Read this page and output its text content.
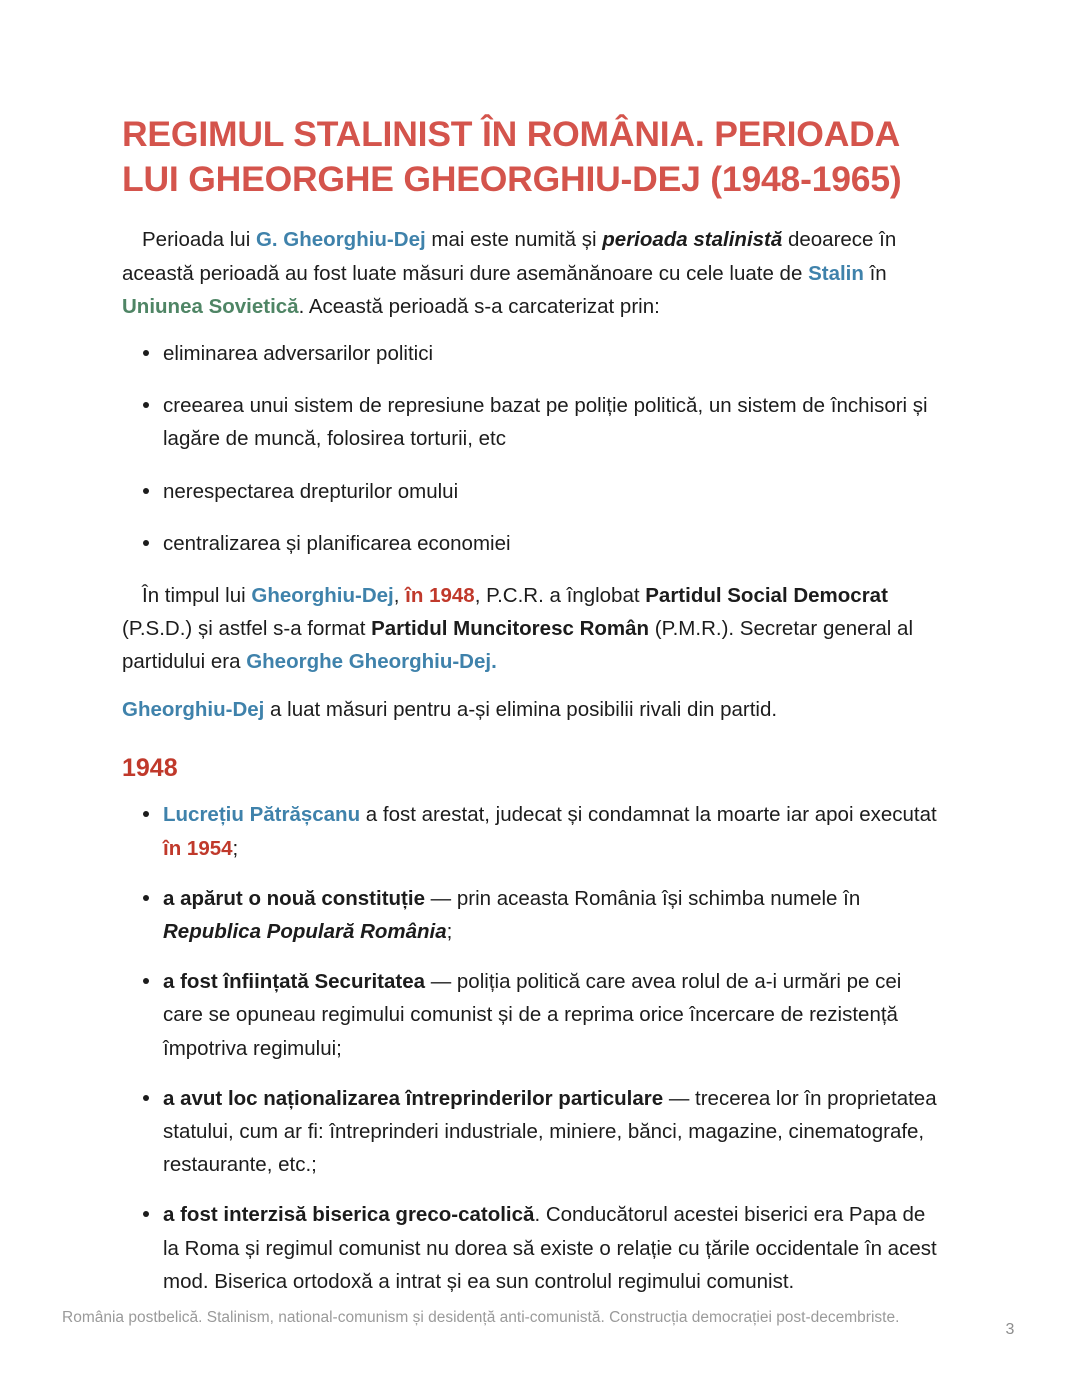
REGIMUL STALINIST ÎN ROMÂNIA. PERIOADA LUI GHEORGHE GHEORGHIU-DEJ (1948-1965)

Perioada lui G. Gheorghiu-Dej mai este numită și perioada stalinistă deoarece în această perioadă au fost luate măsuri dure asemănănoare cu cele luate de Stalin în Uniunea Sovietică. Această perioadă s-a carcaterizat prin:

eliminarea adversarilor politici
creearea unui sistem de represiune bazat pe poliție politică, un sistem de închisori și lagăre de muncă, folosirea torturii, etc
nerespectarea drepturilor omului
centralizarea și planificarea economiei

În timpul lui Gheorghiu-Dej, în 1948, P.C.R. a înglobat Partidul Social Democrat (P.S.D.) și astfel s-a format Partidul Muncitoresc Român (P.M.R.). Secretar general al partidului era Gheorghe Gheorghiu-Dej.

Gheorghiu-Dej a luat măsuri pentru a-și elimina posibilii rivali din partid.

1948
Lucrețiu Pătrășcanu a fost arestat, judecat și condamnat la moarte iar apoi executat în 1954;
a apărut o nouă constituție — prin aceasta România își schimba numele în Republica Populară România;
a fost înființată Securitatea — poliția politică care avea rolul de a-i urmări pe cei care se opuneau regimului comunist și de a reprima orice încercare de rezistență împotriva regimului;
a avut loc naționalizarea întreprinderilor particulare — trecerea lor în proprietatea statului, cum ar fi: întreprinderi industriale, miniere, bănci, magazine, cinematografe, restaurante, etc.;
a fost interzisă biserica greco-catolică. Conducătorul acestei biserici era Papa de la Roma și regimul comunist nu dorea să existe o relație cu țările occidentale în acest mod. Biserica ortodoxă a intrat și ea sun controlul regimului comunist.
România postbelică. Stalinism, national-comunism și desidență anti-comunistă. Construcția democrației post-decembriste.
3
